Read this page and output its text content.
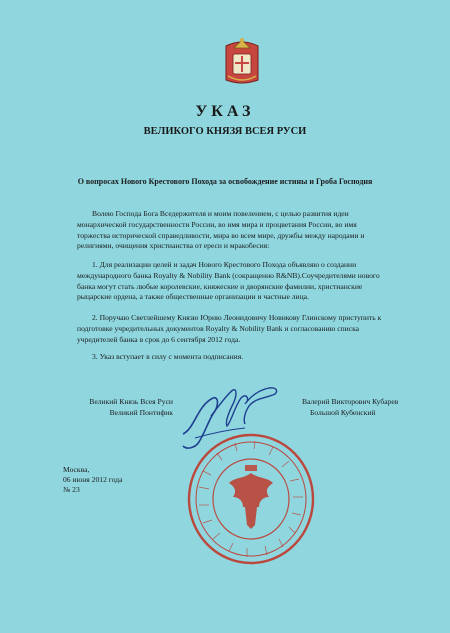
УКАЗ
ВЕЛИКОГО КНЯЗЯ ВСЕЯ РУСИ
О вопросах Нового Крестового Похода за освобождение истины и Гроба Господня

Волею Господа Бога Вседержителя и моим повелением, с целью развития идеи монархической государственности России, во имя мира и процветания России, во имя торжества исторической справедливости, мира во всем мире, дружбы между народами и религиями, очищения христианства от ереси и мракобесия:

1. Для реализации целей и задач Нового Крестового Похода объявляю о создании международного банка Royalty & Nobility Bank (сокращенно R&NB).Соучредителями нового банка могут стать любые королевские, княжеские и дворянские фамилии, христианские рыцарские ордена, а также общественные организации и частные лица.

2. Поручаю Светлейшему Князю Юрию Леонидовичу Новикову Глинскому приступить к подготовке учредительных документов Royalty & Nobility Bank и согласованию списка учредителей банка в срок до 6 сентября 2012 года.

3. Указ вступает в силу с момента подписания.

Великий Князь Всея Руси
Великий Понтифик
Валерий Викторович Кубарев
Большой Кубенский
Москва,
06 июня 2012 года
№ 23
